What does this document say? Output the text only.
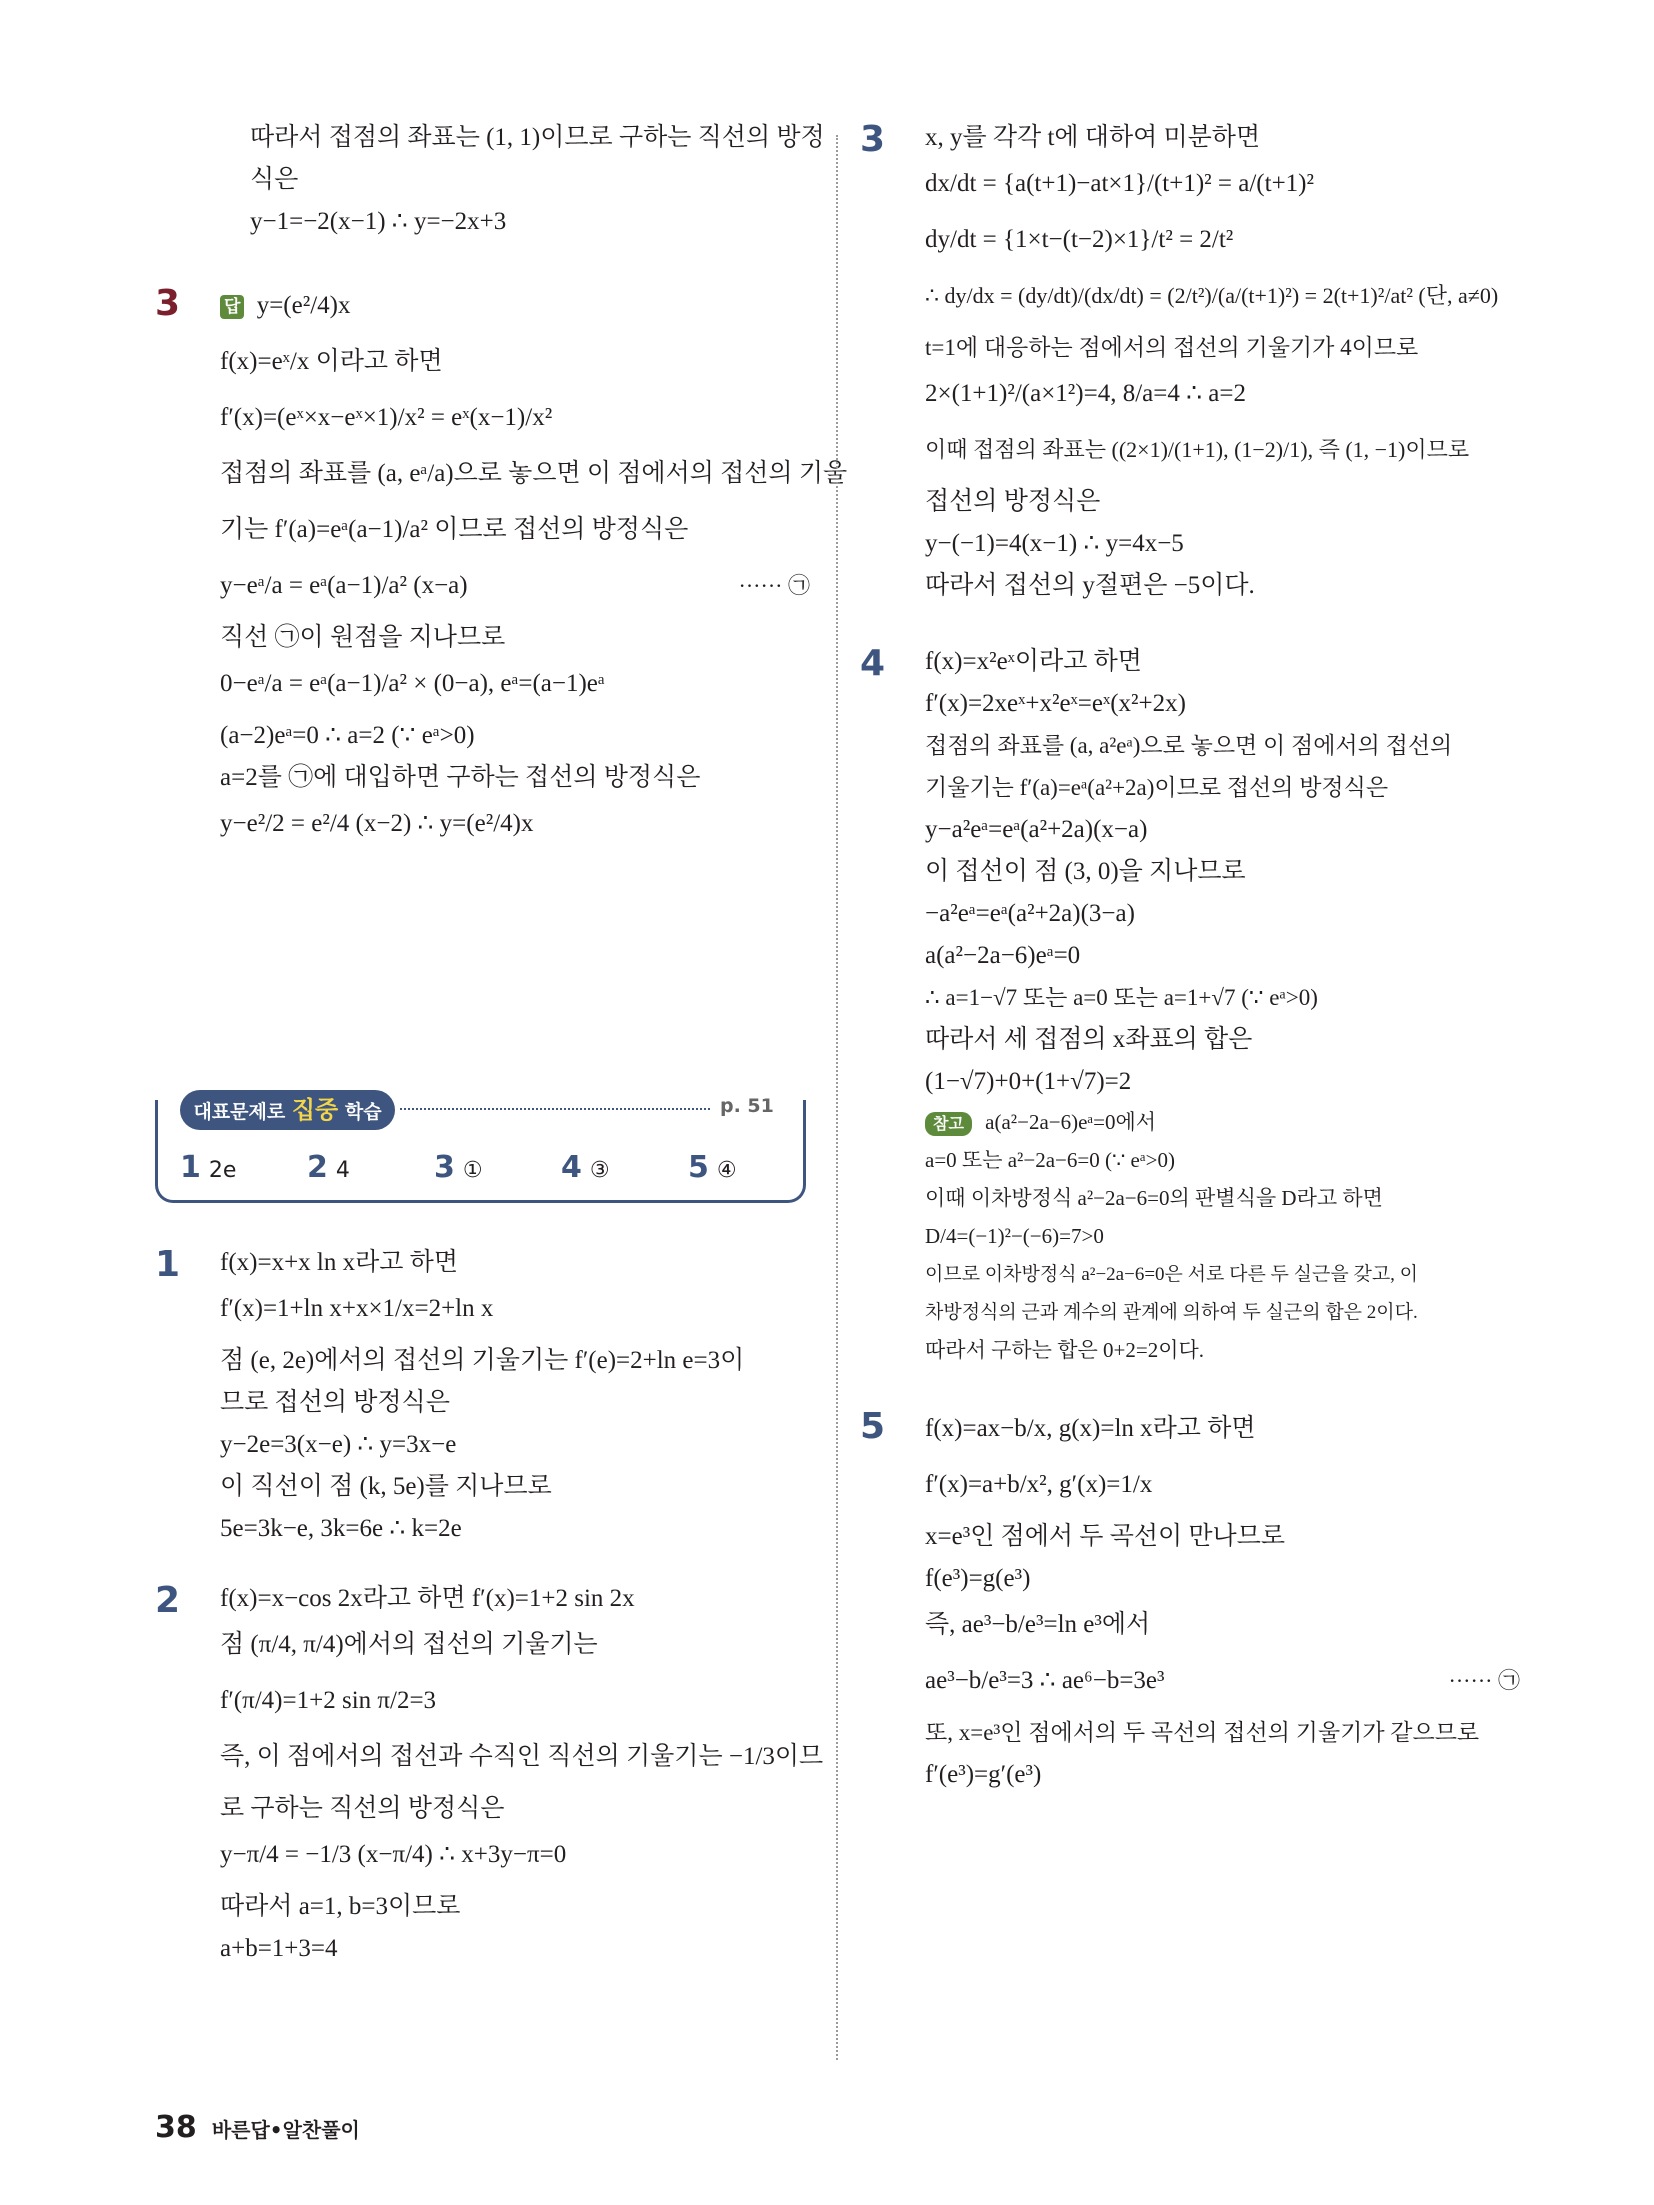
따라서 접점의 좌표는 (1, 1)이므로 구하는 직선의 방정
식은
y−1=−2(x−1) ∴ y=−2x+3
3	답 y=(e²/4)x
f(x)=eˣ/x 이라고 하면
f′(x)=(eˣ×x−eˣ×1)/x² = eˣ(x−1)/x²
접점의 좌표를 (a, eᵃ/a)으로 놓으면 이 점에서의 접선의 기울
기는 f′(a)=eᵃ(a−1)/a² 이므로 접선의 방정식은
y−eᵃ/a = eᵃ(a−1)/a² (x−a)	······ ㉠
직선 ㉠이 원점을 지나므로
0−eᵃ/a = eᵃ(a−1)/a² × (0−a), eᵃ=(a−1)eᵃ
(a−2)eᵃ=0 ∴ a=2 (∵ eᵃ>0)
a=2를 ㉠에 대입하면 구하는 접선의 방정식은
y−e²/2 = e²/4 (x−2) ∴ y=(e²/4)x
대표문제로 집중 학습	p. 51
1 2e 2 4	3 ①	4 ③	5 ④
1 f(x)=x+x ln x라고 하면
f′(x)=1+ln x+x×1/x=2+ln x
점 (e, 2e)에서의 접선의 기울기는 f′(e)=2+ln e=3이
므로 접선의 방정식은
y−2e=3(x−e) ∴ y=3x−e
이 직선이 점 (k, 5e)를 지나므로
5e=3k−e, 3k=6e ∴ k=2e
2 f(x)=x−cos 2x라고 하면 f′(x)=1+2 sin 2x
점 (π/4, π/4)에서의 접선의 기울기는
f′(π/4)=1+2 sin π/2=3
즉, 이 점에서의 접선과 수직인 직선의 기울기는 −1/3이므
로 구하는 직선의 방정식은
y−π/4 = −1/3 (x−π/4) ∴ x+3y−π=0
따라서 a=1, b=3이므로
a+b=1+3=4
3 x, y를 각각 t에 대하여 미분하면
dx/dt = {a(t+1)−at×1}/(t+1)² = a/(t+1)²
dy/dt = {1×t−(t−2)×1}/t² = 2/t²
∴ dy/dx = (dy/dt)/(dx/dt) = (2/t²)/(a/(t+1)²) = 2(t+1)²/at² (단, a≠0)
t=1에 대응하는 점에서의 접선의 기울기가 4이므로
2×(1+1)²/(a×1²)=4, 8/a=4 ∴ a=2
이때 접점의 좌표는 ((2×1)/(1+1), (1−2)/1), 즉 (1, −1)이므로
접선의 방정식은
y−(−1)=4(x−1) ∴ y=4x−5
따라서 접선의 y절편은 −5이다.
4 f(x)=x²eˣ이라고 하면
f′(x)=2xeˣ+x²eˣ=eˣ(x²+2x)
접점의 좌표를 (a, a²eᵃ)으로 놓으면 이 점에서의 접선의
기울기는 f′(a)=eᵃ(a²+2a)이므로 접선의 방정식은
y−a²eᵃ=eᵃ(a²+2a)(x−a)
이 접선이 점 (3, 0)을 지나므로
−a²eᵃ=eᵃ(a²+2a)(3−a)
a(a²−2a−6)eᵃ=0
∴ a=1−√7 또는 a=0 또는 a=1+√7 (∵ eᵃ>0)
따라서 세 접점의 x좌표의 합은
(1−√7)+0+(1+√7)=2
참고 a(a²−2a−6)eᵃ=0에서
a=0 또는 a²−2a−6=0 (∵ eᵃ>0)
이때 이차방정식 a²−2a−6=0의 판별식을 D라고 하면
D/4=(−1)²−(−6)=7>0
이므로 이차방정식 a²−2a−6=0은 서로 다른 두 실근을 갖고, 이
차방정식의 근과 계수의 관계에 의하여 두 실근의 합은 2이다.
따라서 구하는 합은 0+2=2이다.
5 f(x)=ax−b/x, g(x)=ln x라고 하면
f′(x)=a+b/x², g′(x)=1/x
x=e³인 점에서 두 곡선이 만나므로
f(e³)=g(e³)
즉, ae³−b/e³=ln e³에서
ae³−b/e³=3 ∴ ae⁶−b=3e³	······ ㉠
또, x=e³인 점에서의 두 곡선의 접선의 기울기가 같으므로
f′(e³)=g′(e³)
38 바른답•알찬풀이
